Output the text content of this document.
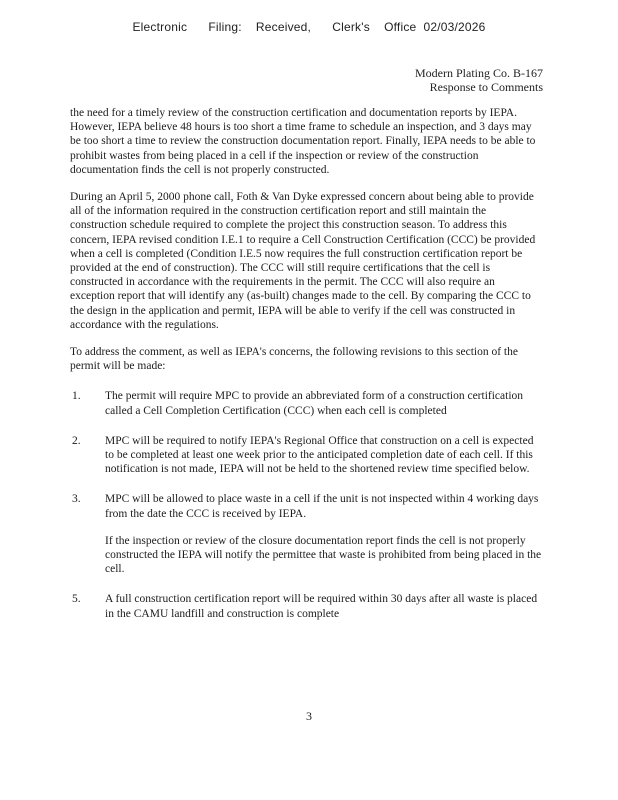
Electronic      Filing:    Received,      Clerk's    Office  02/03/2026
Modern Plating Co. B-167
Response to Comments

the need for a timely review of the construction certification and documentation reports by IEPA. However, IEPA believe 48 hours is too short a time frame to schedule an inspection, and 3 days may be too short a time to review the construction documentation report. Finally, IEPA needs to be able to prohibit wastes from being placed in a cell if the inspection or review of the construction documentation finds the cell is not properly constructed.

During an April 5, 2000 phone call, Foth & Van Dyke expressed concern about being able to provide all of the information required in the construction certification report and still maintain the construction schedule required to complete the project this construction season. To address this concern, IEPA revised condition I.E.1 to require a Cell Construction Certification (CCC) be provided when a cell is completed (Condition I.E.5 now requires the full construction certification report be provided at the end of construction). The CCC will still require certifications that the cell is constructed in accordance with the requirements in the permit. The CCC will also require an exception report that will identify any (as-built) changes made to the cell. By comparing the CCC to the design in the application and permit, IEPA will be able to verify if the cell was constructed in accordance with the regulations.

To address the comment, as well as IEPA's concerns, the following revisions to this section of the permit will be made:

1. The permit will require MPC to provide an abbreviated form of a construction certification called a Cell Completion Certification (CCC) when each cell is completed
2. MPC will be required to notify IEPA's Regional Office that construction on a cell is expected to be completed at least one week prior to the anticipated completion date of each cell. If this notification is not made, IEPA will not be held to the shortened review time specified below.
3. MPC will be allowed to place waste in a cell if the unit is not inspected within 4 working days from the date the CCC is received by IEPA.
If the inspection or review of the closure documentation report finds the cell is not properly constructed the IEPA will notify the permittee that waste is prohibited from being placed in the cell.
5. A full construction certification report will be required within 30 days after all waste is placed in the CAMU landfill and construction is complete
3
